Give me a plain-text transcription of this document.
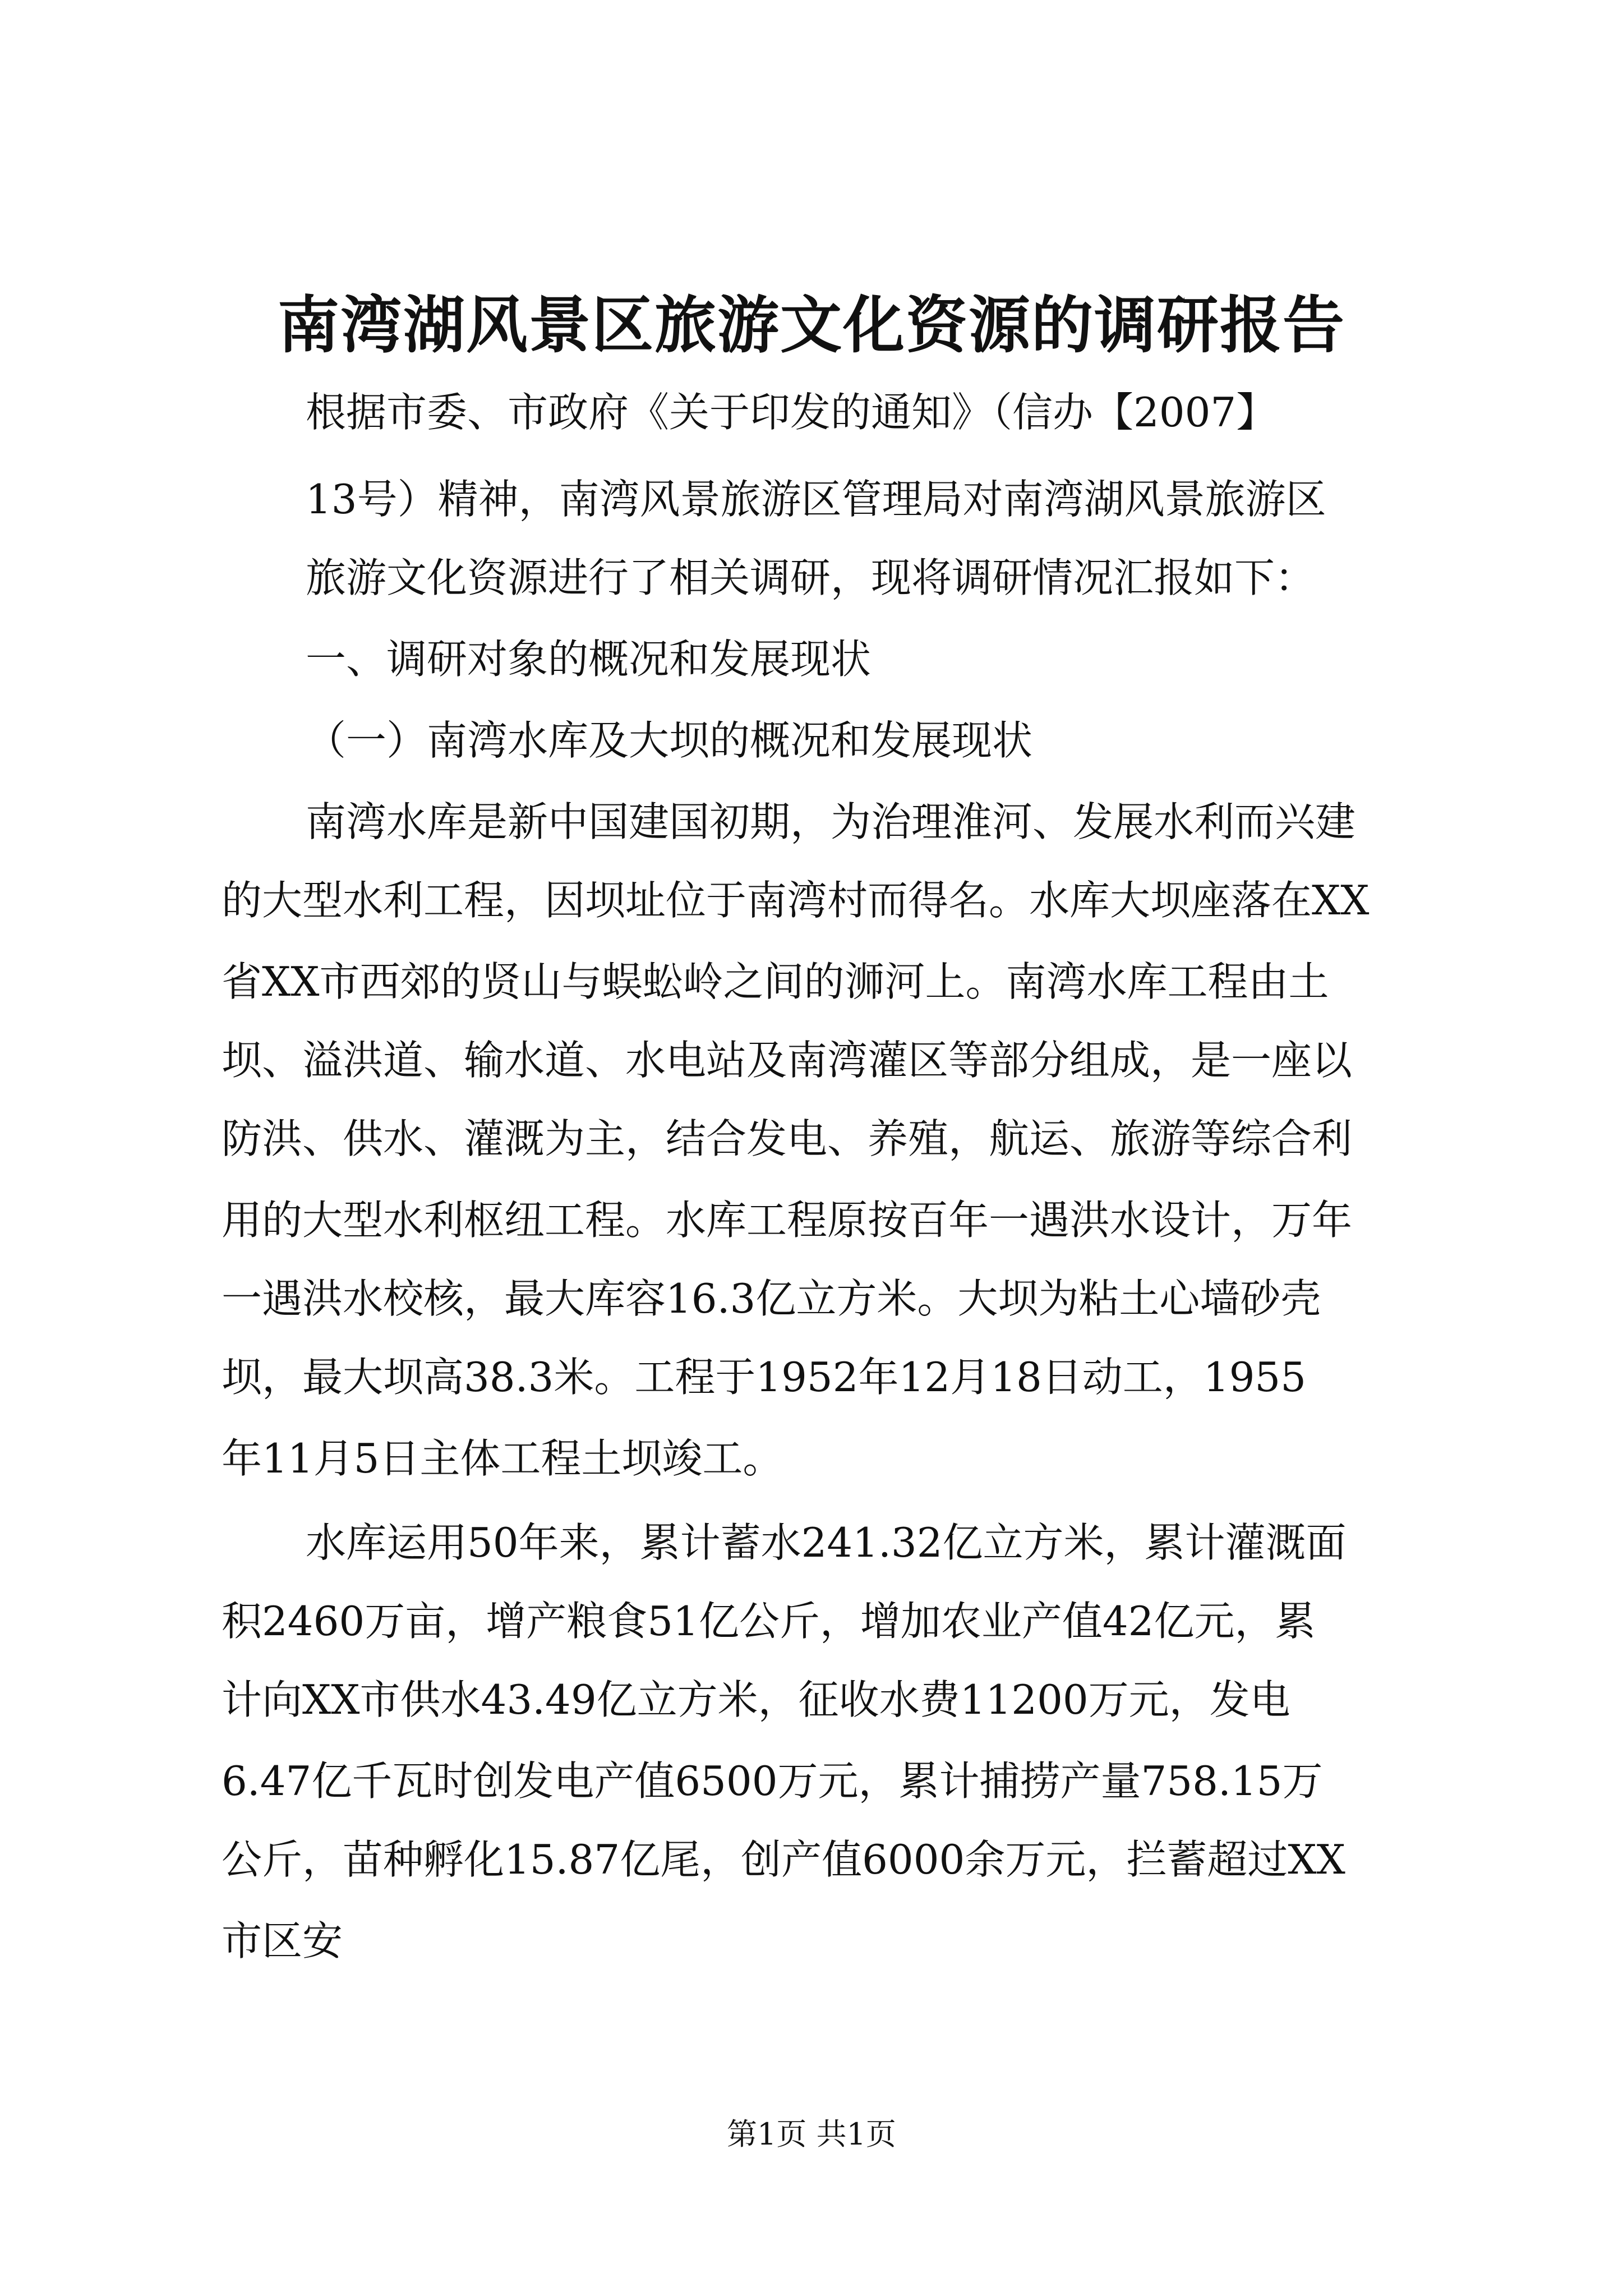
南湾湖风景区旅游文化资源的调研报告
根据市委、市政府《关于印发的通知》（信办【2007】
13号）精神，南湾风景旅游区管理局对南湾湖风景旅游区
旅游文化资源进行了相关调研，现将调研情况汇报如下：
一、调研对象的概况和发展现状
（一）南湾水库及大坝的概况和发展现状
南湾水库是新中国建国初期，为治理淮河、发展水利而兴建
的大型水利工程，因坝址位于南湾村而得名。水库大坝座落在XX
省XX市西郊的贤山与蜈蚣岭之间的浉河上。南湾水库工程由土
坝、溢洪道、输水道、水电站及南湾灌区等部分组成，是一座以
防洪、供水、灌溉为主，结合发电、养殖，航运、旅游等综合利
用的大型水利枢纽工程。水库工程原按百年一遇洪水设计，万年
一遇洪水校核，最大库容16.3亿立方米。大坝为粘土心墙砂壳
坝，最大坝高38.3米。工程于1952年12月18日动工，1955
年11月5日主体工程土坝竣工。
水库运用50年来，累计蓄水241.32亿立方米，累计灌溉面
积2460万亩，增产粮食51亿公斤，增加农业产值42亿元，累
计向XX市供水43.49亿立方米，征收水费11200万元，发电
6.47亿千瓦时创发电产值6500万元，累计捕捞产量758.15万
公斤，苗种孵化15.87亿尾，创产值6000余万元，拦蓄超过XX
市区安
第1页 共1页
